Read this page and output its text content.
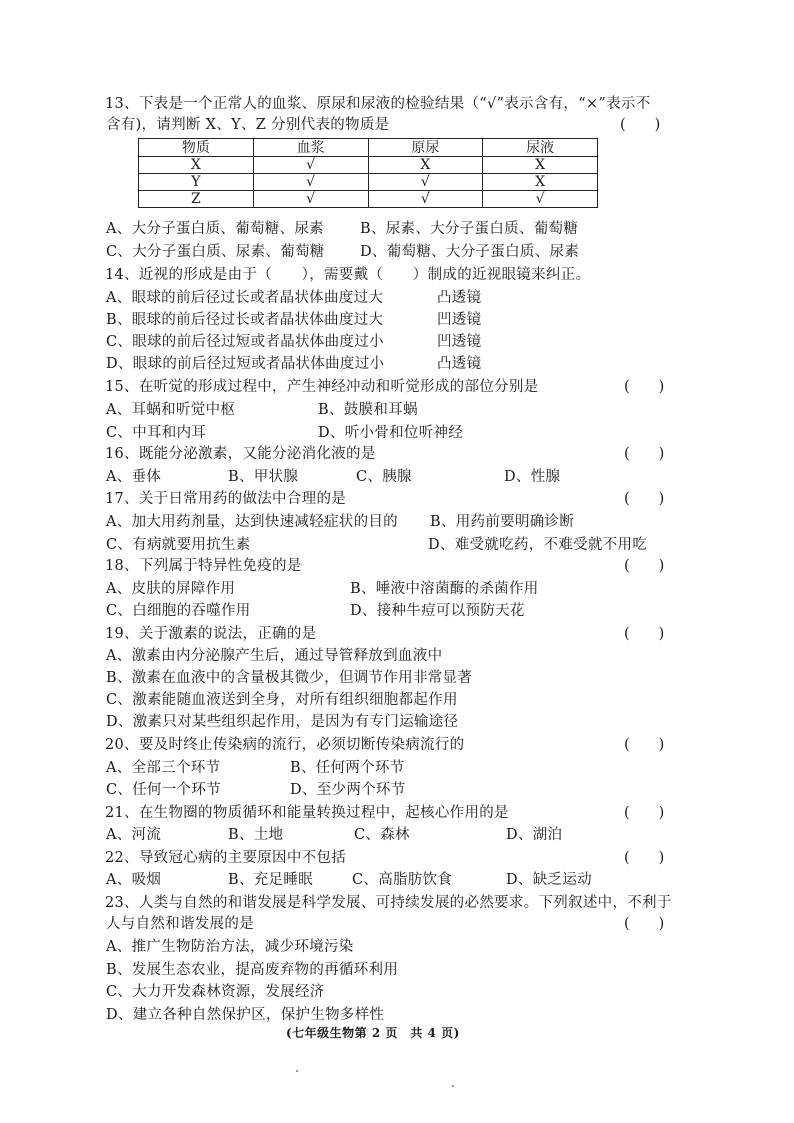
13、下表是一个正常人的血浆、原尿和尿液的检验结果（“√”表示含有，“×”表示不
含有)，请判断 X、Y、Z 分别代表的物质是	(　　)
物质	血浆	原尿	尿液
X	√	X	X
Y	√	√	X
Z	√	√	√
A、大分子蛋白质、葡萄糖、尿素 B、尿素、大分子蛋白质、葡萄糖
C、大分子蛋白质、尿素、葡萄糖 D、葡萄糖、大分子蛋白质、尿素
14、近视的形成是由于（　　），需要戴（　　）制成的近视眼镜来纠正。
A、眼球的前后径过长或者晶状体曲度过大	凸透镜
B、眼球的前后径过长或者晶状体曲度过大	凹透镜
C、眼球的前后径过短或者晶状体曲度过小	凹透镜
D、眼球的前后径过短或者晶状体曲度过小	凸透镜
15、在听觉的形成过程中，产生神经冲动和听觉形成的部位分别是	(　　)
A、耳蜗和听觉中枢	B、鼓膜和耳蜗
C、中耳和内耳	D、听小骨和位听神经
16、既能分泌激素，又能分泌消化液的是	(　　)
A、垂体	B、甲状腺	C、胰腺	D、性腺
17、关于日常用药的做法中合理的是	(　　)
A、加大用药剂量，达到快速减轻症状的目的 B、用药前要明确诊断
C、有病就要用抗生素	D、难受就吃药，不难受就不用吃
18、下列属于特异性免疫的是	(　　)
A、皮肤的屏障作用	B、唾液中溶菌酶的杀菌作用
C、白细胞的吞噬作用	D、接种牛痘可以预防天花
19、关于激素的说法，正确的是	(　　)
A、激素由内分泌腺产生后，通过导管释放到血液中
B、激素在血液中的含量极其微少，但调节作用非常显著
C、激素能随血液送到全身，对所有组织细胞都起作用
D、激素只对某些组织起作用，是因为有专门运输途径
20、要及时终止传染病的流行，必须切断传染病流行的	(　　)
A、全部三个环节	B、任何两个环节
C、任何一个环节	D、至少两个环节
21、在生物圈的物质循环和能量转换过程中，起核心作用的是	(　　)
A、河流	B、土地	C、森林	D、湖泊
22、导致冠心病的主要原因中不包括	(　　)
A、吸烟	B、充足睡眠	C、高脂肪饮食	D、缺乏运动
23、人类与自然的和谐发展是科学发展、可持续发展的必然要求。下列叙述中，不利于
人与自然和谐发展的是	(　　)
A、推广生物防治方法，减少环境污染
B、发展生态农业，提高废弃物的再循环利用
C、大力开发森林资源，发展经济
D、建立各种自然保护区，保护生物多样性
(七年级生物第 2 页　共 4 页)
